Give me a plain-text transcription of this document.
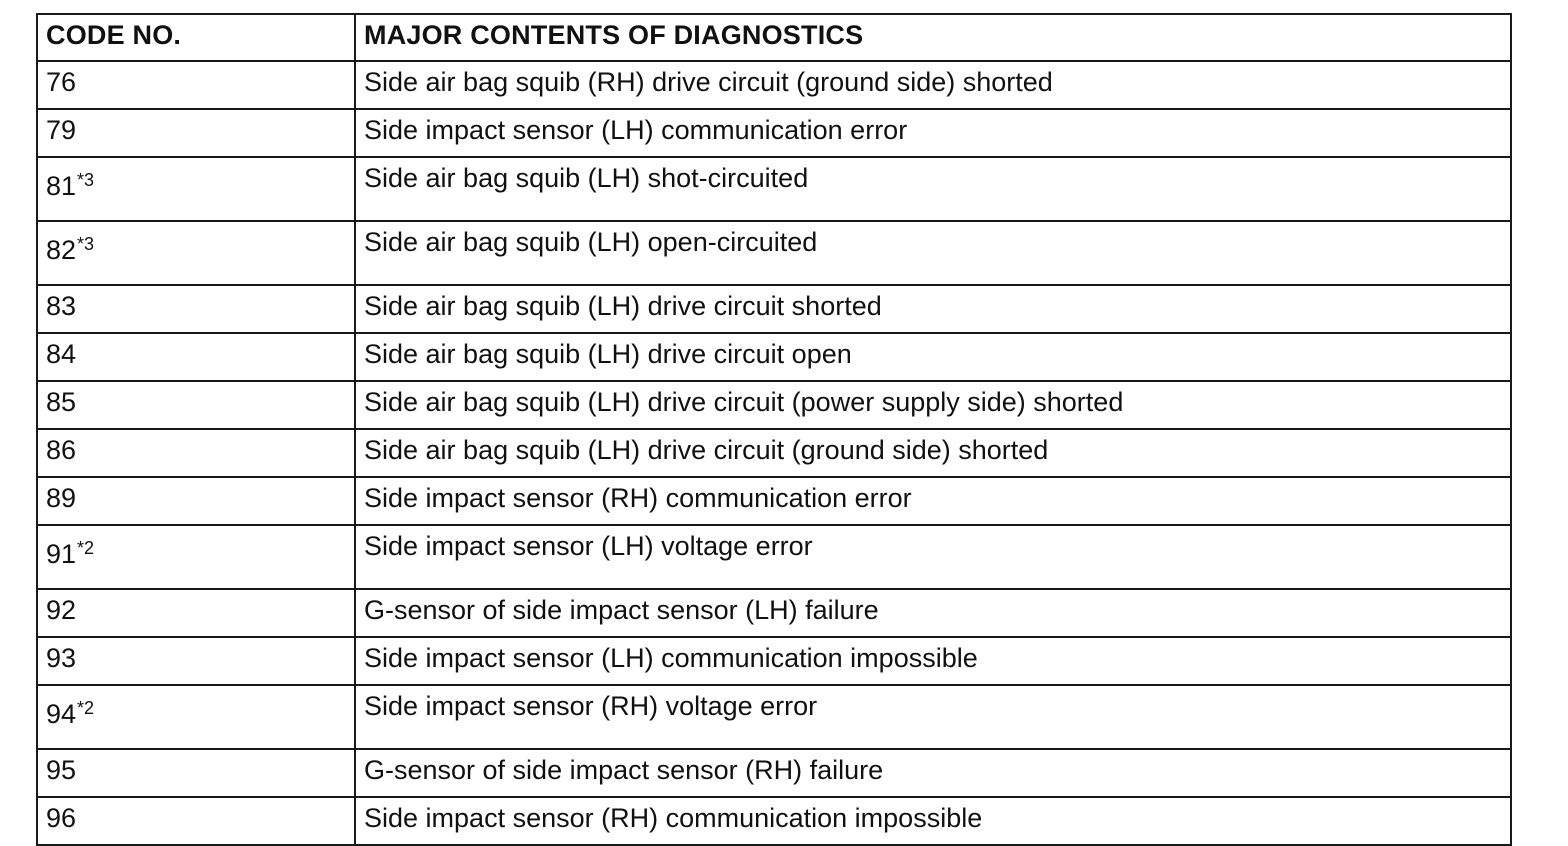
CODE NO.	MAJOR CONTENTS OF DIAGNOSTICS
76	Side air bag squib (RH) drive circuit (ground side) shorted
79	Side impact sensor (LH) communication error
81$^{*3}$	Side air bag squib (LH) shot-circuited
82$^{*3}$	Side air bag squib (LH) open-circuited
83	Side air bag squib (LH) drive circuit shorted
84	Side air bag squib (LH) drive circuit open
85	Side air bag squib (LH) drive circuit (power supply side) shorted
86	Side air bag squib (LH) drive circuit (ground side) shorted
89	Side impact sensor (RH) communication error
91$^{*2}$	Side impact sensor (LH) voltage error
92	G-sensor of side impact sensor (LH) failure
93	Side impact sensor (LH) communication impossible
94$^{*2}$	Side impact sensor (RH) voltage error
95	G-sensor of side impact sensor (RH) failure
96	Side impact sensor (RH) communication impossible
